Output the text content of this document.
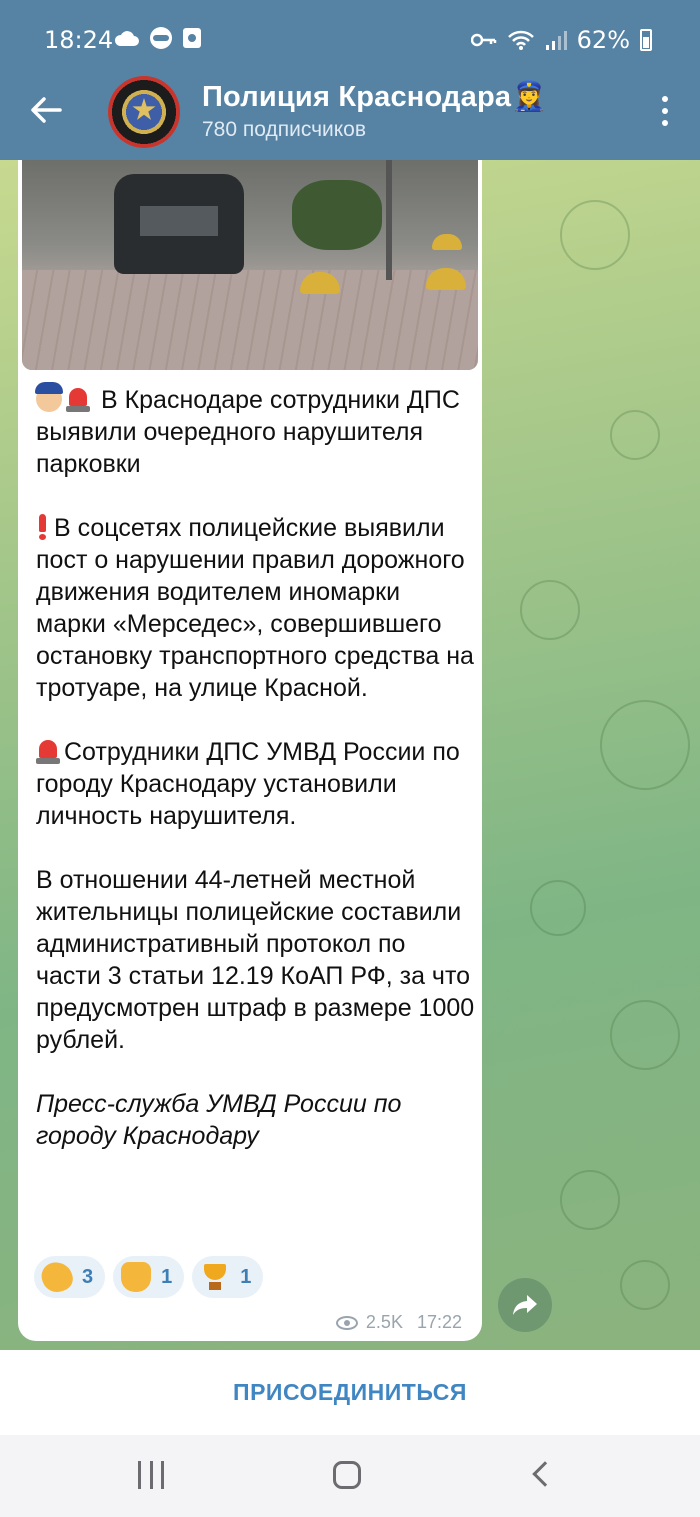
18:24	62%
Полиция Краснодара👮‍♀️
780 подписчиков

В Краснодаре сотрудники ДПС выявили очередного нарушителя парковки

В соцсетях полицейские выявили пост о нарушении правил дорожного движения водителем иномарки марки «Мерседес», совершившего остановку транспортного средства на тротуаре, на улице Красной.

Сотрудники ДПС УМВД России по городу Краснодару установили личность нарушителя.

В отношении 44-летней местной жительницы полицейские составили административный протокол по части 3 статьи 12.19 КоАП РФ, за что предусмотрен штраф в размере 1000 рублей.

Пресс-служба УМВД России по городу Краснодару

3	1	1
2.5K 17:22
ПРИСОЕДИНИТЬСЯ
